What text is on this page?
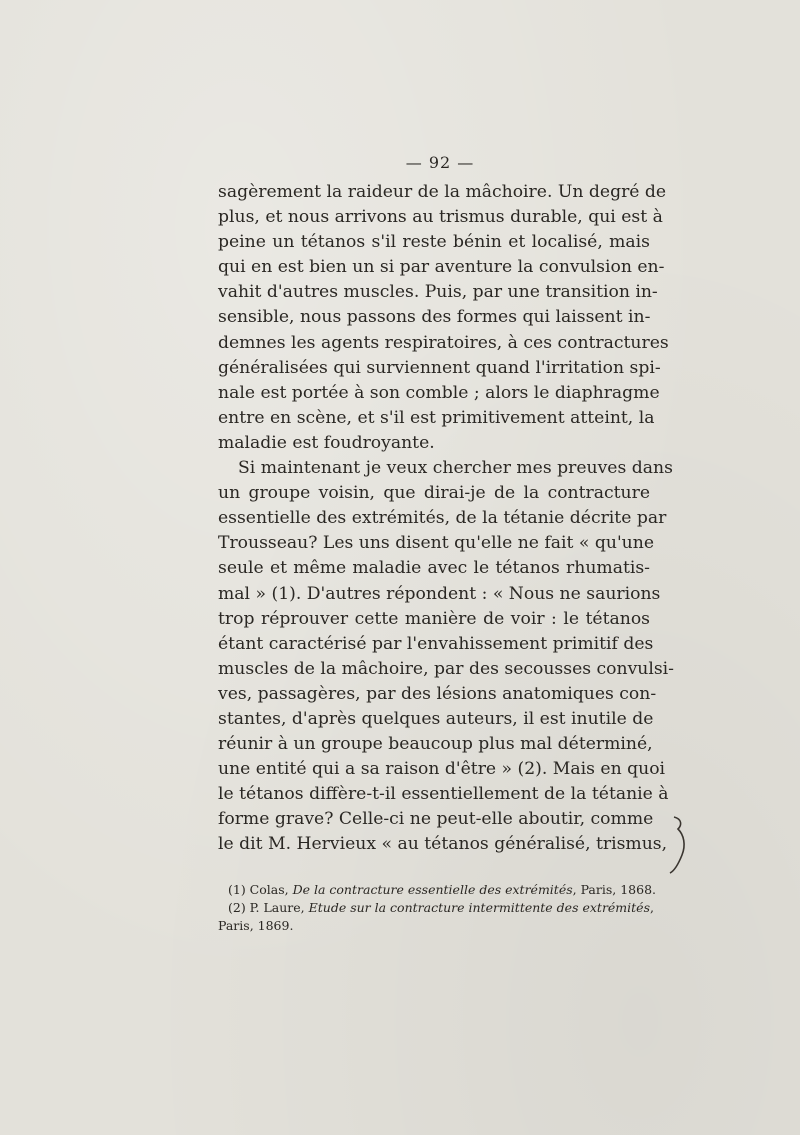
— 92 —
sagèrement la raideur de la mâchoire. Un degré de
plus, et nous arrivons au trismus durable, qui est à
peine un tétanos s'il reste bénin et localisé, mais
qui en est bien un si par aventure la convulsion en-
vahit d'autres muscles. Puis, par une transition in-
sensible, nous passons des formes qui laissent in-
demnes les agents respiratoires, à ces contractures
généralisées qui surviennent quand l'irritation spi-
nale est portée à son comble ; alors le diaphragme
entre en scène, et s'il est primitivement atteint, la
maladie est foudroyante.
Si maintenant je veux chercher mes preuves dans
un groupe voisin, que dirai-je de la contracture
essentielle des extrémités, de la tétanie décrite par
Trousseau? Les uns disent qu'elle ne fait « qu'une
seule et même maladie avec le tétanos rhumatis-
mal » (1). D'autres répondent : « Nous ne saurions
trop réprouver cette manière de voir : le tétanos
étant caractérisé par l'envahissement primitif des
muscles de la mâchoire, par des secousses convulsi-
ves, passagères, par des lésions anatomiques con-
stantes, d'après quelques auteurs, il est inutile de
réunir à un groupe beaucoup plus mal déterminé,
une entité qui a sa raison d'être » (2). Mais en quoi
le tétanos diffère-t-il essentiellement de la tétanie à
forme grave? Celle-ci ne peut-elle aboutir, comme
le dit M. Hervieux « au tétanos généralisé, trismus,
(1) Colas, De la contracture essentielle des extrémités, Paris, 1868.
(2) P. Laure, Etude sur la contracture intermittente des extrémités,
Paris, 1869.
